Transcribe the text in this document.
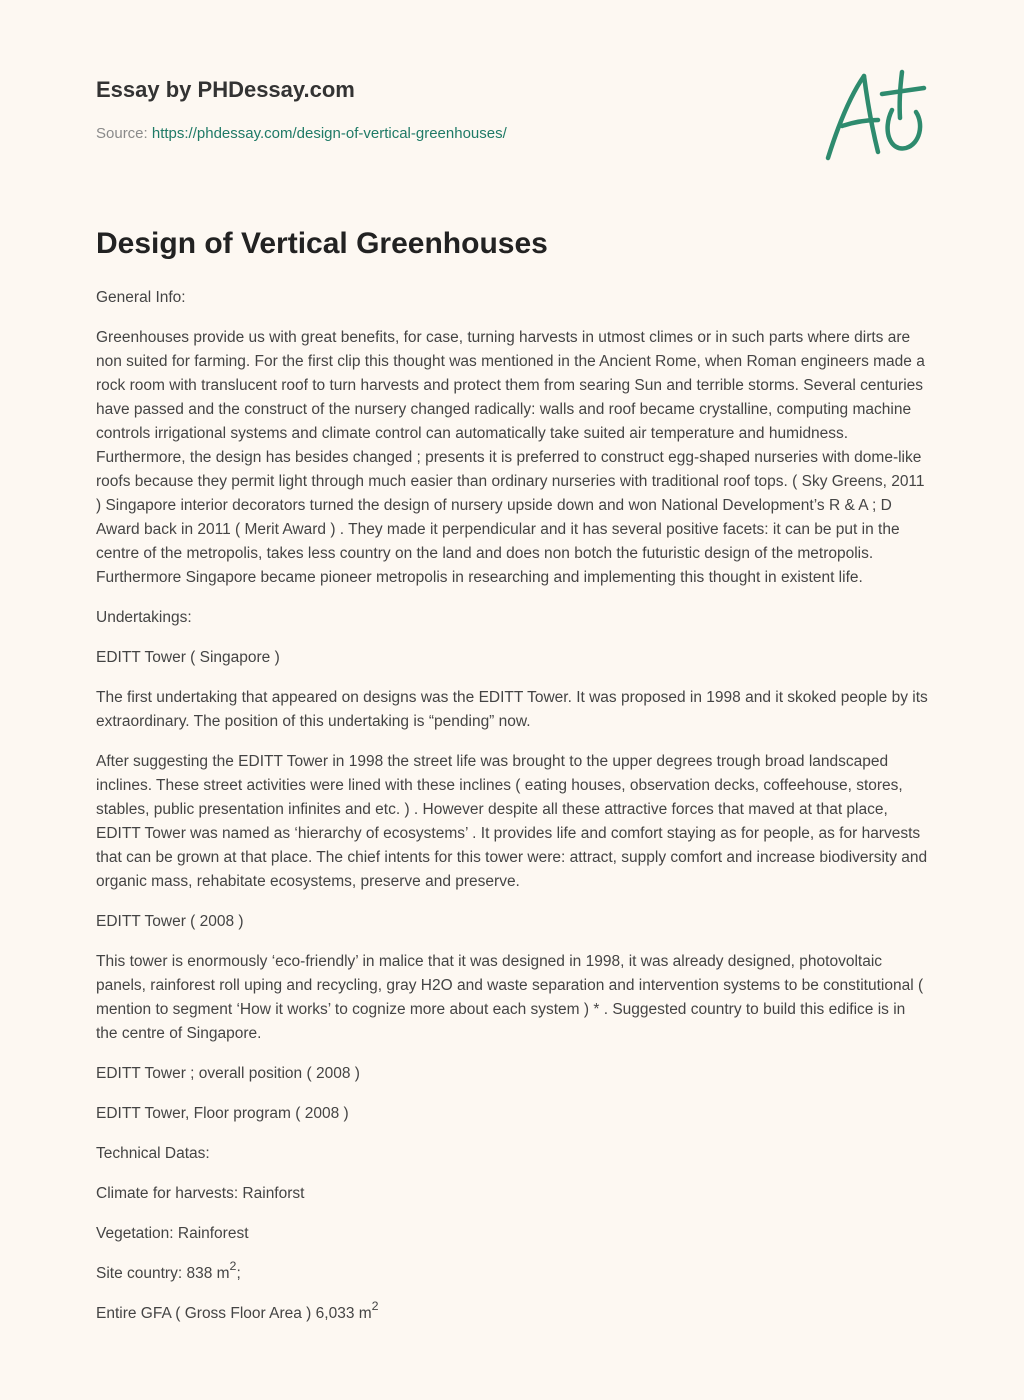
Essay by PHDessay.com
Source: https://phdessay.com/design-of-vertical-greenhouses/
Design of Vertical Greenhouses

General Info:

Greenhouses provide us with great benefits, for case, turning harvests in utmost climes or in such parts where dirts are non suited for farming. For the first clip this thought was mentioned in the Ancient Rome, when Roman engineers made a rock room with translucent roof to turn harvests and protect them from searing Sun and terrible storms. Several centuries have passed and the construct of the nursery changed radically: walls and roof became crystalline, computing machine controls irrigational systems and climate control can automatically take suited air temperature and humidness. Furthermore, the design has besides changed ; presents it is preferred to construct egg-shaped nurseries with dome-like roofs because they permit light through much easier than ordinary nurseries with traditional roof tops. ( Sky Greens, 2011 ) Singapore interior decorators turned the design of nursery upside down and won National Development’s R & A ; D Award back in 2011 ( Merit Award ) . They made it perpendicular and it has several positive facets: it can be put in the centre of the metropolis, takes less country on the land and does non botch the futuristic design of the metropolis. Furthermore Singapore became pioneer metropolis in researching and implementing this thought in existent life.

Undertakings:

EDITT Tower ( Singapore )

The first undertaking that appeared on designs was the EDITT Tower. It was proposed in 1998 and it skoked people by its extraordinary. The position of this undertaking is “pending” now.

After suggesting the EDITT Tower in 1998 the street life was brought to the upper degrees trough broad landscaped inclines. These street activities were lined with these inclines ( eating houses, observation decks, coffeehouse, stores, stables, public presentation infinites and etc. ) . However despite all these attractive forces that maved at that place, EDITT Tower was named as ‘hierarchy of ecosystems’ . It provides life and comfort staying as for people, as for harvests that can be grown at that place. The chief intents for this tower were: attract, supply comfort and increase biodiversity and organic mass, rehabitate ecosystems, preserve and preserve.

EDITT Tower ( 2008 )

This tower is enormously ‘eco-friendly’ in malice that it was designed in 1998, it was already designed, photovoltaic panels, rainforest roll uping and recycling, gray H2O and waste separation and intervention systems to be constitutional ( mention to segment ‘How it works’ to cognize more about each system ) * . Suggested country to build this edifice is in the centre of Singapore.

EDITT Tower ; overall position ( 2008 )

EDITT Tower, Floor program ( 2008 )

Technical Datas:

Climate for harvests: Rainforst

Vegetation: Rainforest

Site country: 838 $m^2$;

Entire GFA ( Gross Floor Area ) 6,033 $m^2$
